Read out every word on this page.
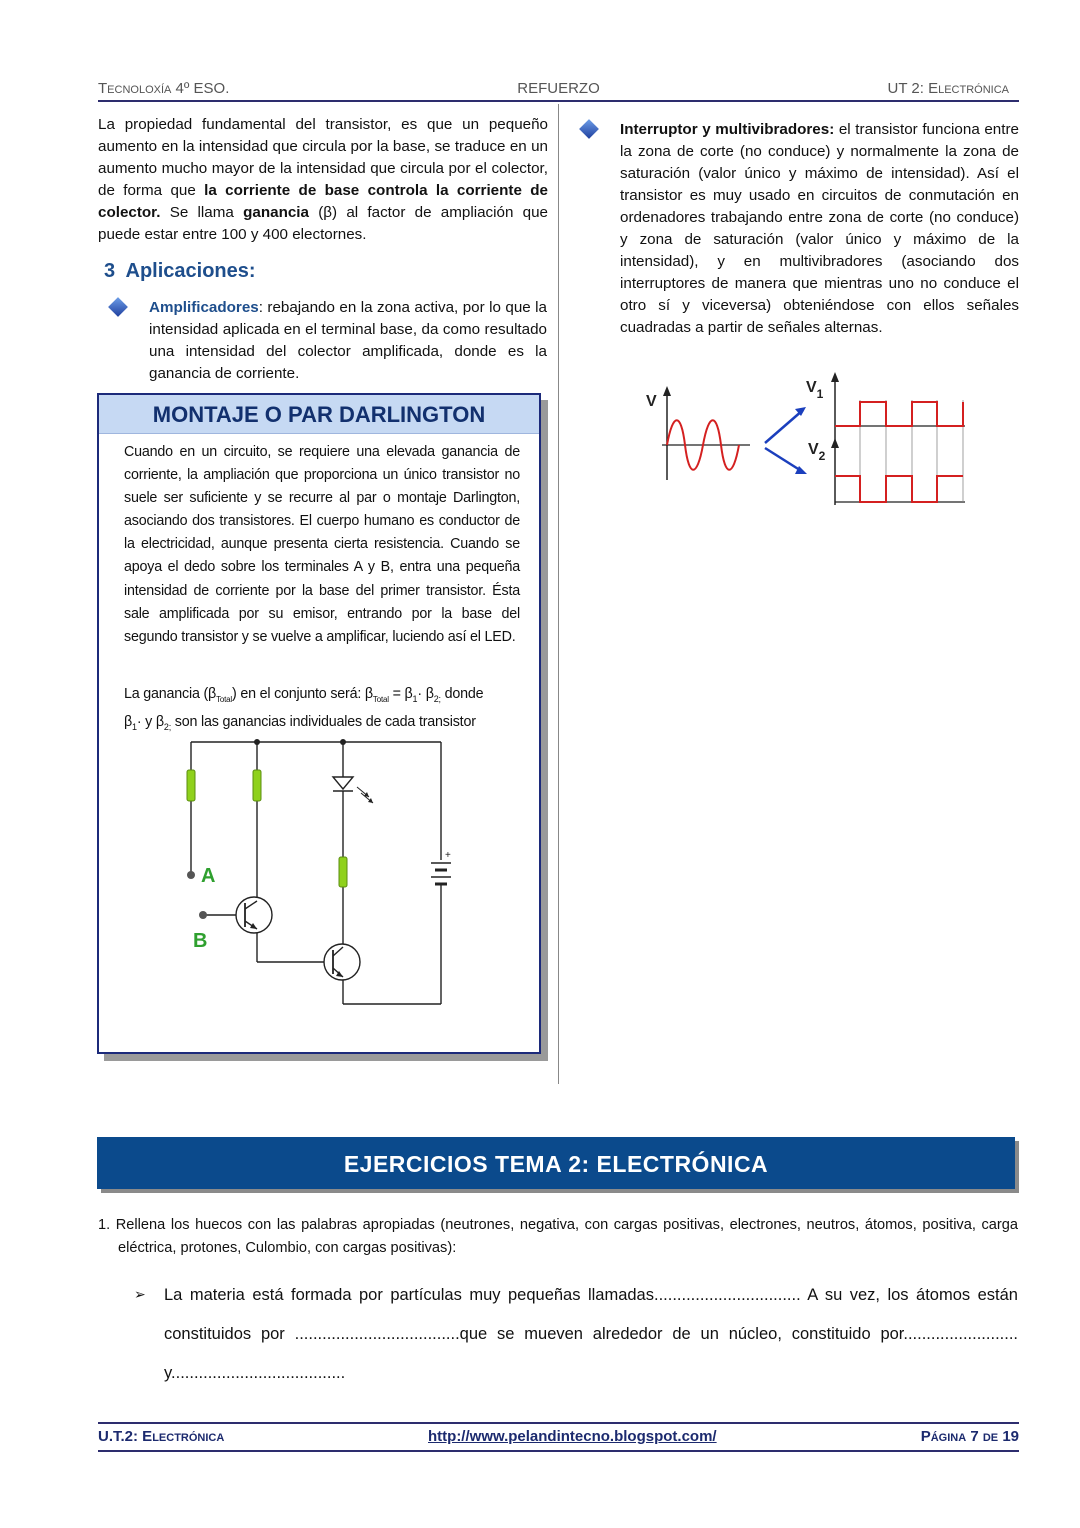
TECNOLOXÍA 4º ESO.	REFUERZO	UT 2: ELECTRÓNICA
La propiedad fundamental del transistor, es que un pequeño aumento en la intensidad que circula por la base, se traduce en un aumento mucho mayor de la intensidad que circula por el colector, de forma que la corriente de base controla la corriente de colector. Se llama ganancia (β) al factor de ampliación que puede estar entre 100 y 400 electornes.
3 Aplicaciones:
Amplificadores: rebajando en la zona activa, por lo que la intensidad aplicada en el terminal base, da como resultado una intensidad del colector amplificada, donde es la ganancia de corriente.
MONTAJE O PAR DARLINGTON
Cuando en un circuito, se requiere una elevada ganancia de corriente, la ampliación que proporciona un único transistor no suele ser suficiente y se recurre al par o montaje Darlington, asociando dos transistores. El cuerpo humano es conductor de la electricidad, aunque presenta cierta resistencia. Cuando se apoya el dedo sobre los terminales A y B, entra una pequeña intensidad de corriente por la base del primer transistor. Ésta sale amplificada por su emisor, entrando por la base del segundo transistor y se vuelve a amplificar, luciendo así el LED.
La ganancia $(\beta_{Total})$ en el conjunto será: $\beta_{Total} = \beta_1\cdot \beta_{2;}$ donde
$\beta_1\cdot y$ $\beta_{2;}$ son las ganancias individuales de cada transistor
+
A
B
Interruptor y multivibradores: el transistor funciona entre la zona de corte (no conduce) y normalmente la zona de saturación (valor único y máximo de intensidad). Así el transistor es muy usado en circuitos de conmutación en ordenadores trabajando entre zona de corte (no conduce) y zona de saturación (valor único y máximo de la intensidad), y en multivibradores (asociando dos interruptores de manera que mientras uno no conduce el otro sí y viceversa) obteniéndose con ellos señales cuadradas a partir de señales alternas.
V
$V_1$
$V_2$
EJERCICIOS TEMA 2: ELECTRÓNICA
1. Rellena los huecos con las palabras apropiadas (neutrones, negativa, con cargas positivas, electrones, neutros, átomos, positiva, carga eléctrica, protones, Culombio, con cargas positivas):
➢ La materia está formada por partículas muy pequeñas llamadas................................ A su vez, los átomos están constituidos por ....................................que se mueven alrededor de un núcleo, constituido por......................... y......................................
U.T.2: ELECTRÓNICA	http://www.pelandintecno.blogspot.com/	PÁGINA 7 DE 19
